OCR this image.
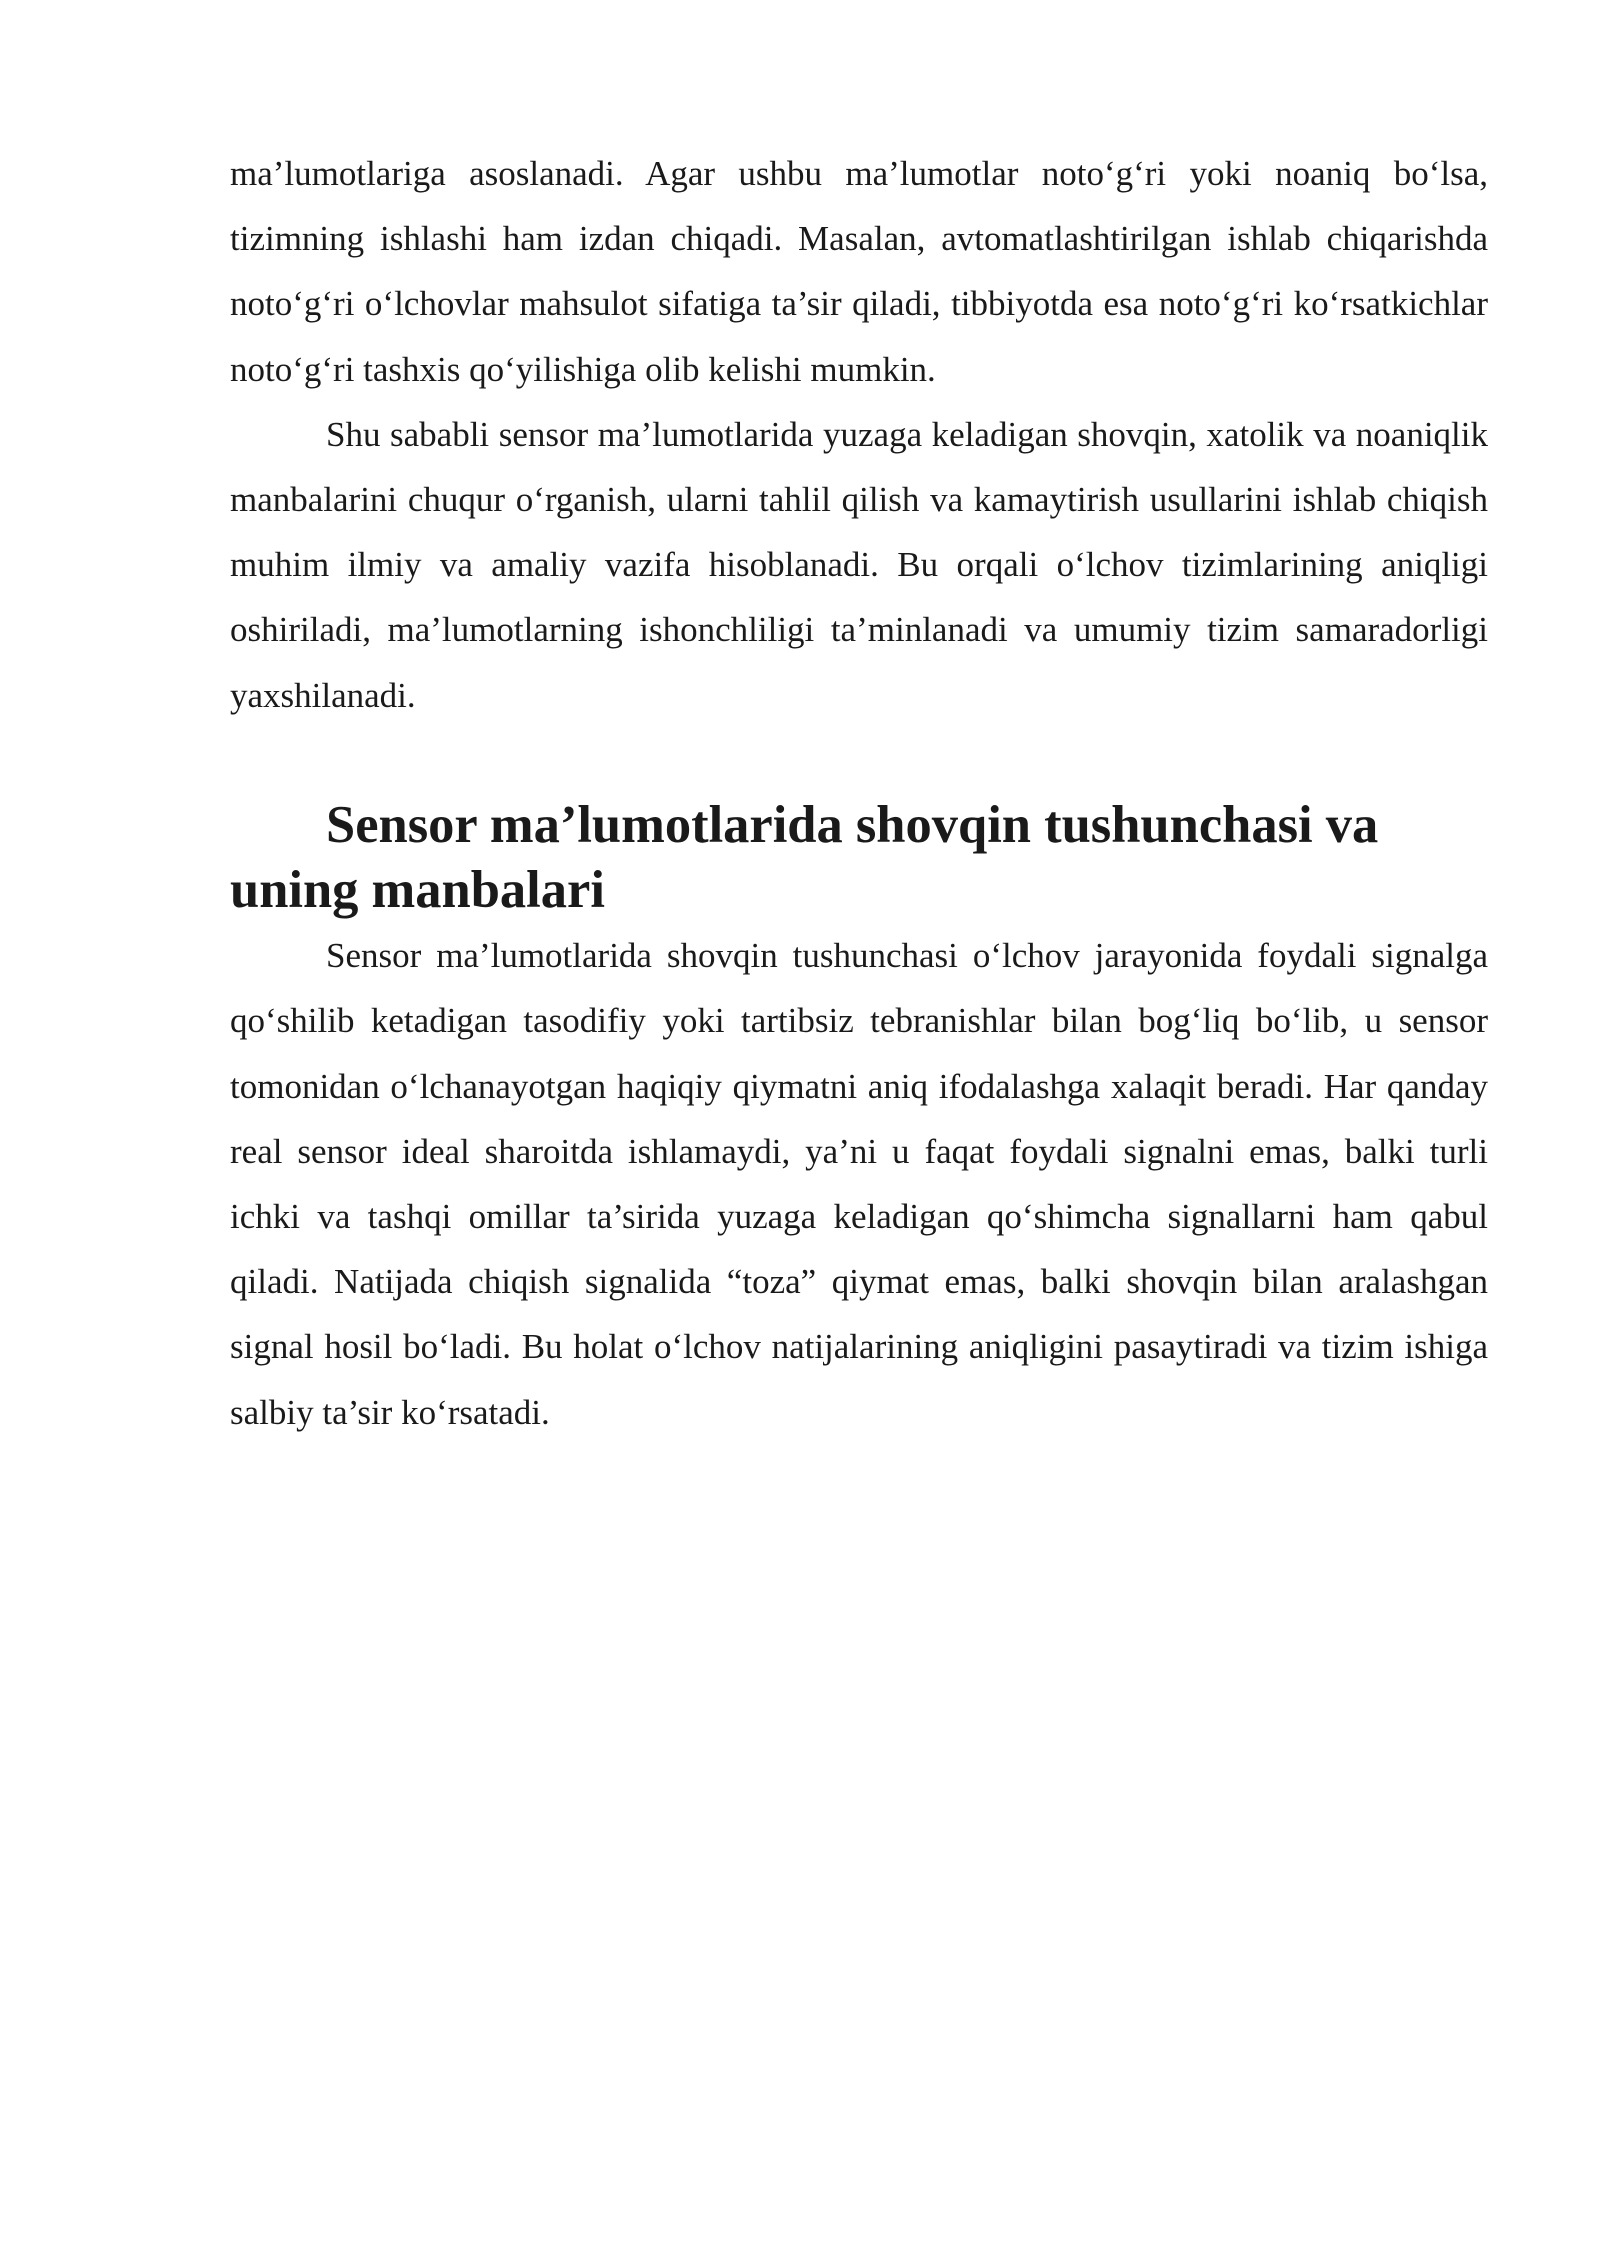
ma’lumotlariga asoslanadi. Agar ushbu ma’lumotlar noto‘g‘ri yoki noaniq bo‘lsa, tizimning ishlashi ham izdan chiqadi. Masalan, avtomatlashtirilgan ishlab chiqarishda noto‘g‘ri o‘lchovlar mahsulot sifatiga ta’sir qiladi, tibbiyotda esa noto‘g‘ri ko‘rsatkichlar noto‘g‘ri tashxis qo‘yilishiga olib kelishi mumkin.

Shu sababli sensor ma’lumotlarida yuzaga keladigan shovqin, xatolik va noaniqlik manbalarini chuqur o‘rganish, ularni tahlil qilish va kamaytirish usullarini ishlab chiqish muhim ilmiy va amaliy vazifa hisoblanadi. Bu orqali o‘lchov tizimlarining aniqligi oshiriladi, ma’lumotlarning ishonchliligi ta’minlanadi va umumiy tizim samaradorligi yaxshilanadi.

Sensor ma’lumotlarida shovqin tushunchasi va uning manbalari

Sensor ma’lumotlarida shovqin tushunchasi o‘lchov jarayonida foydali signalga qo‘shilib ketadigan tasodifiy yoki tartibsiz tebranishlar bilan bog‘liq bo‘lib, u sensor tomonidan o‘lchanayotgan haqiqiy qiymatni aniq ifodalashga xalaqit beradi. Har qanday real sensor ideal sharoitda ishlamaydi, ya’ni u faqat foydali signalni emas, balki turli ichki va tashqi omillar ta’sirida yuzaga keladigan qo‘shimcha signallarni ham qabul qiladi. Natijada chiqish signalida “toza” qiymat emas, balki shovqin bilan aralashgan signal hosil bo‘ladi. Bu holat o‘lchov natijalarining aniqligini pasaytiradi va tizim ishiga salbiy ta’sir ko‘rsatadi.
